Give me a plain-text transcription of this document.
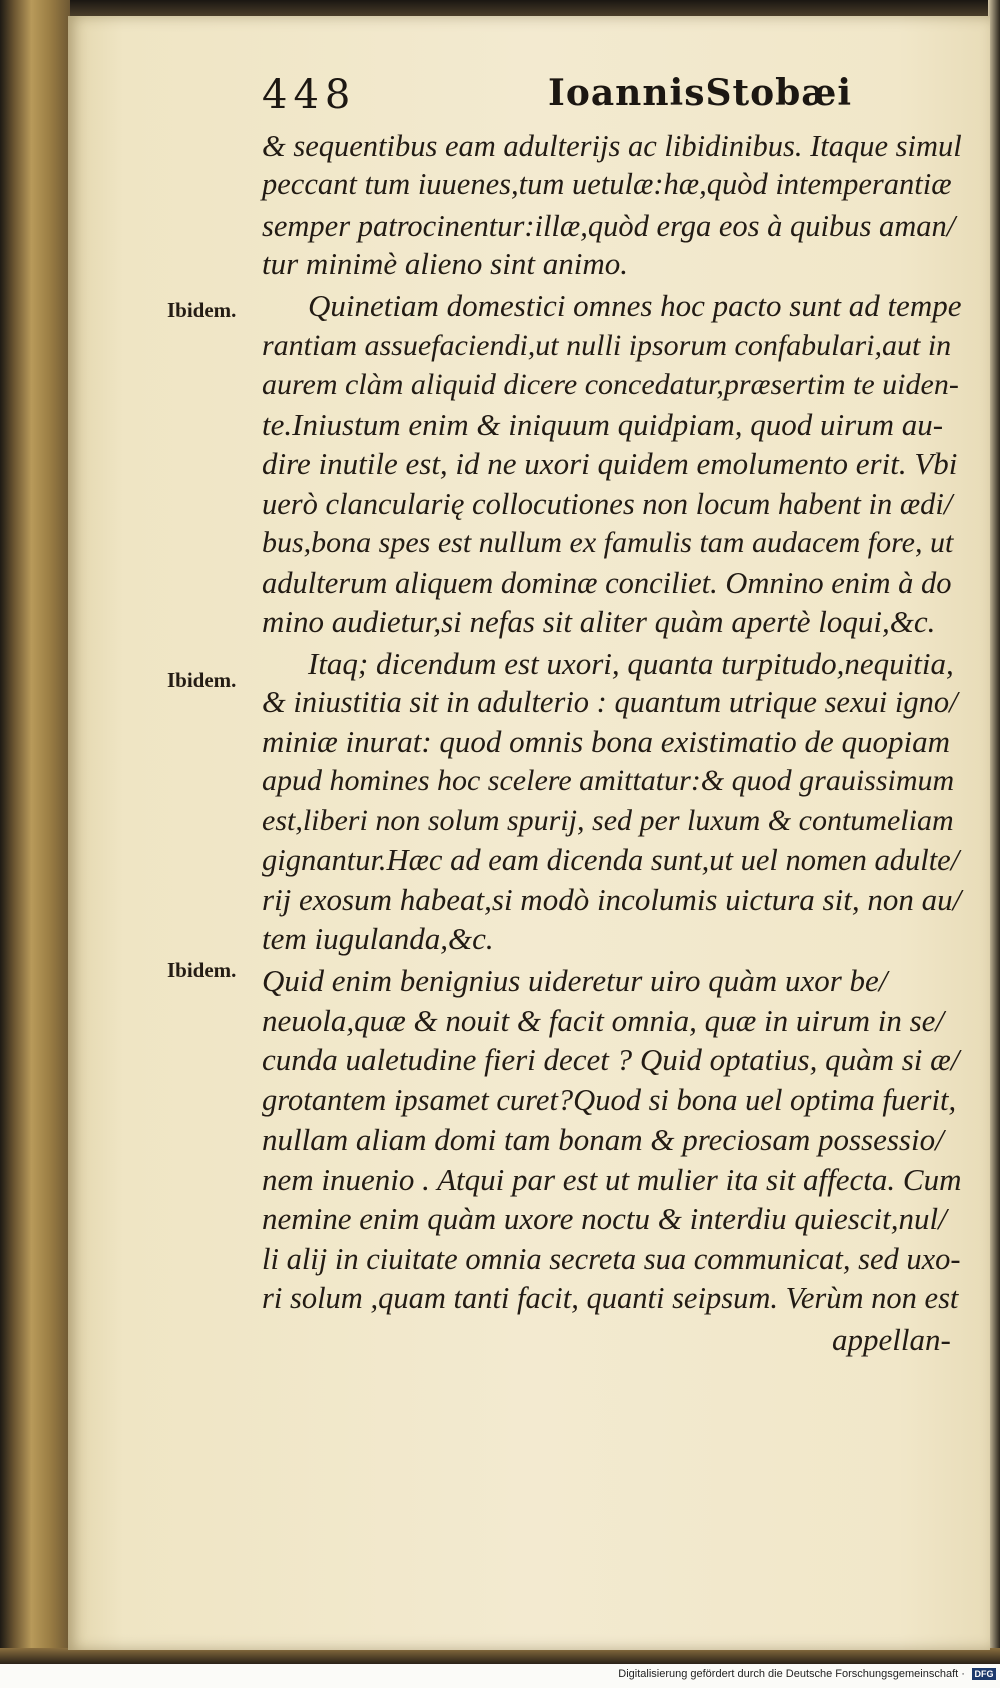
448	IoannisStobæi
Ibidem.
Ibidem.
Ibidem.
& sequentibus eam adulterijs ac libidinibus. Itaque simul
peccant tum iuuenes,tum uetulæ:hæ,quòd intemperantiæ
semper patrocinentur:illæ,quòd erga eos à quibus aman/
tur minimè alieno sint animo.
Quinetiam domestici omnes hoc pacto sunt ad tempe
rantiam assuefaciendi,ut nulli ipsorum confabulari,aut in
aurem clàm aliquid dicere concedatur,præsertim te uiden-
te.Iniustum enim & iniquum quidpiam, quod uirum au-
dire inutile est, id ne uxori quidem emolumento erit. Vbi
uerò clancularię collocutiones non locum habent in ædi/
bus,bona spes est nullum ex famulis tam audacem fore, ut
adulterum aliquem dominæ conciliet. Omnino enim à do
mino audietur,si nefas sit aliter quàm apertè loqui,&c.
Itaq; dicendum est uxori, quanta turpitudo,nequitia,
& iniustitia sit in adulterio : quantum utrique sexui igno/
miniæ inurat: quod omnis bona existimatio de quopiam
apud homines hoc scelere amittatur:& quod grauissimum
est,liberi non solum spurij, sed per luxum & contumeliam
gignantur.Hæc ad eam dicenda sunt,ut uel nomen adulte/
rij exosum habeat,si modò incolumis uictura sit, non au/
tem iugulanda,&c.
Quid enim benignius uideretur uiro quàm uxor be/
neuola,quæ & nouit & facit omnia, quæ in uirum in se/
cunda ualetudine fieri decet ? Quid optatius, quàm si æ/
grotantem ipsamet curet?Quod si bona uel optima fuerit,
nullam aliam domi tam bonam & preciosam possessio/
nem inuenio . Atqui par est ut mulier ita sit affecta. Cum
nemine enim quàm uxore noctu & interdiu quiescit,nul/
li alij in ciuitate omnia secreta sua communicat, sed uxo-
ri solum ,quam tanti facit, quanti seipsum. Verùm non est
appellan-
Digitalisierung gefördert durch die Deutsche Forschungsgemeinschaft · DFG
